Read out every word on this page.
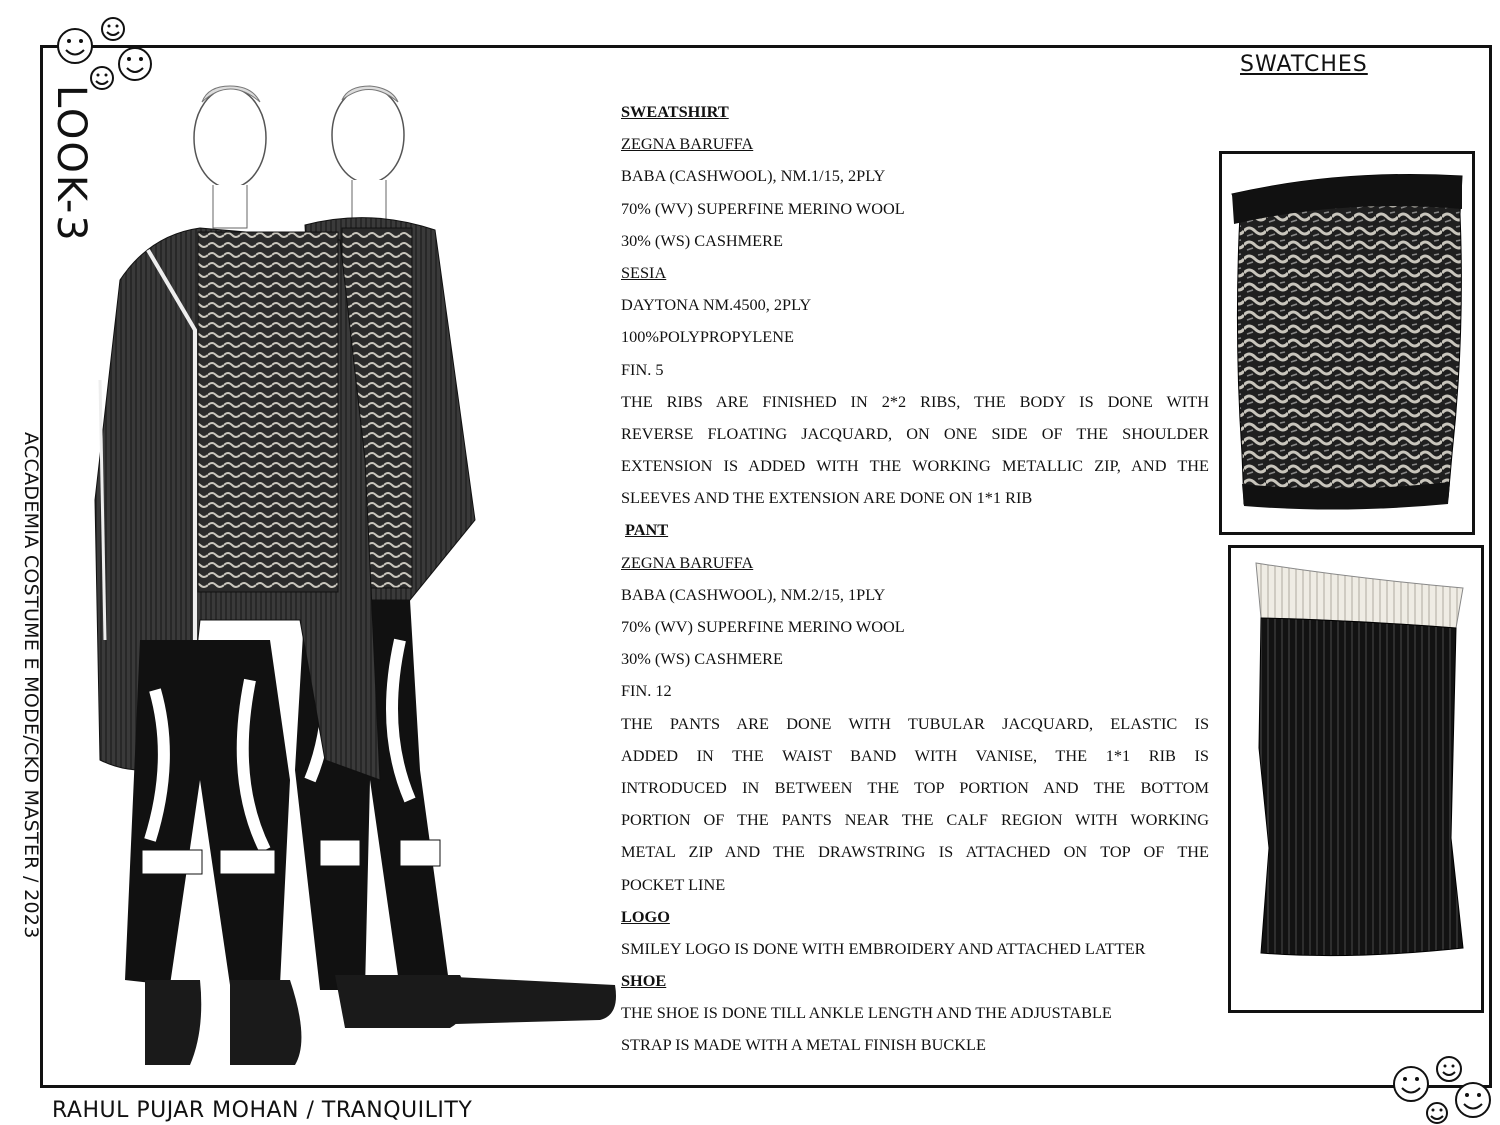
LOOK-3
ACCADEMIA COSTUME E MODE/CKD MASTER / 2023
RAHUL PUJAR MOHAN / TRANQUILITY
SWATCHES
SWEATSHIRT
ZEGNA BARUFFA
BABA (CASHWOOL), NM.1/15, 2PLY
70% (WV) SUPERFINE MERINO WOOL
30% (WS) CASHMERE
SESIA
DAYTONA NM.4500, 2PLY
100%POLYPROPYLENE
FIN. 5
THE RIBS ARE FINISHED IN 2*2 RIBS, THE BODY IS DONE WITH
REVERSE FLOATING JACQUARD, ON ONE SIDE OF THE SHOULDER
EXTENSION IS ADDED WITH THE WORKING METALLIC ZIP, AND THE
SLEEVES AND THE EXTENSION ARE DONE ON 1*1 RIB
PANT
ZEGNA BARUFFA
BABA (CASHWOOL), NM.2/15, 1PLY
70% (WV) SUPERFINE MERINO WOOL
30% (WS) CASHMERE
FIN. 12
THE PANTS ARE DONE WITH TUBULAR JACQUARD, ELASTIC IS
ADDED IN THE WAIST BAND WITH VANISE, THE 1*1 RIB IS
INTRODUCED IN BETWEEN THE TOP PORTION AND THE BOTTOM
PORTION OF THE PANTS NEAR THE CALF REGION WITH WORKING
METAL ZIP AND THE DRAWSTRING IS ATTACHED ON TOP OF THE
POCKET LINE
LOGO
SMILEY LOGO IS DONE WITH EMBROIDERY AND ATTACHED LATTER
SHOE
THE SHOE IS DONE TILL ANKLE LENGTH AND THE ADJUSTABLE
STRAP IS MADE WITH A METAL FINISH BUCKLE
